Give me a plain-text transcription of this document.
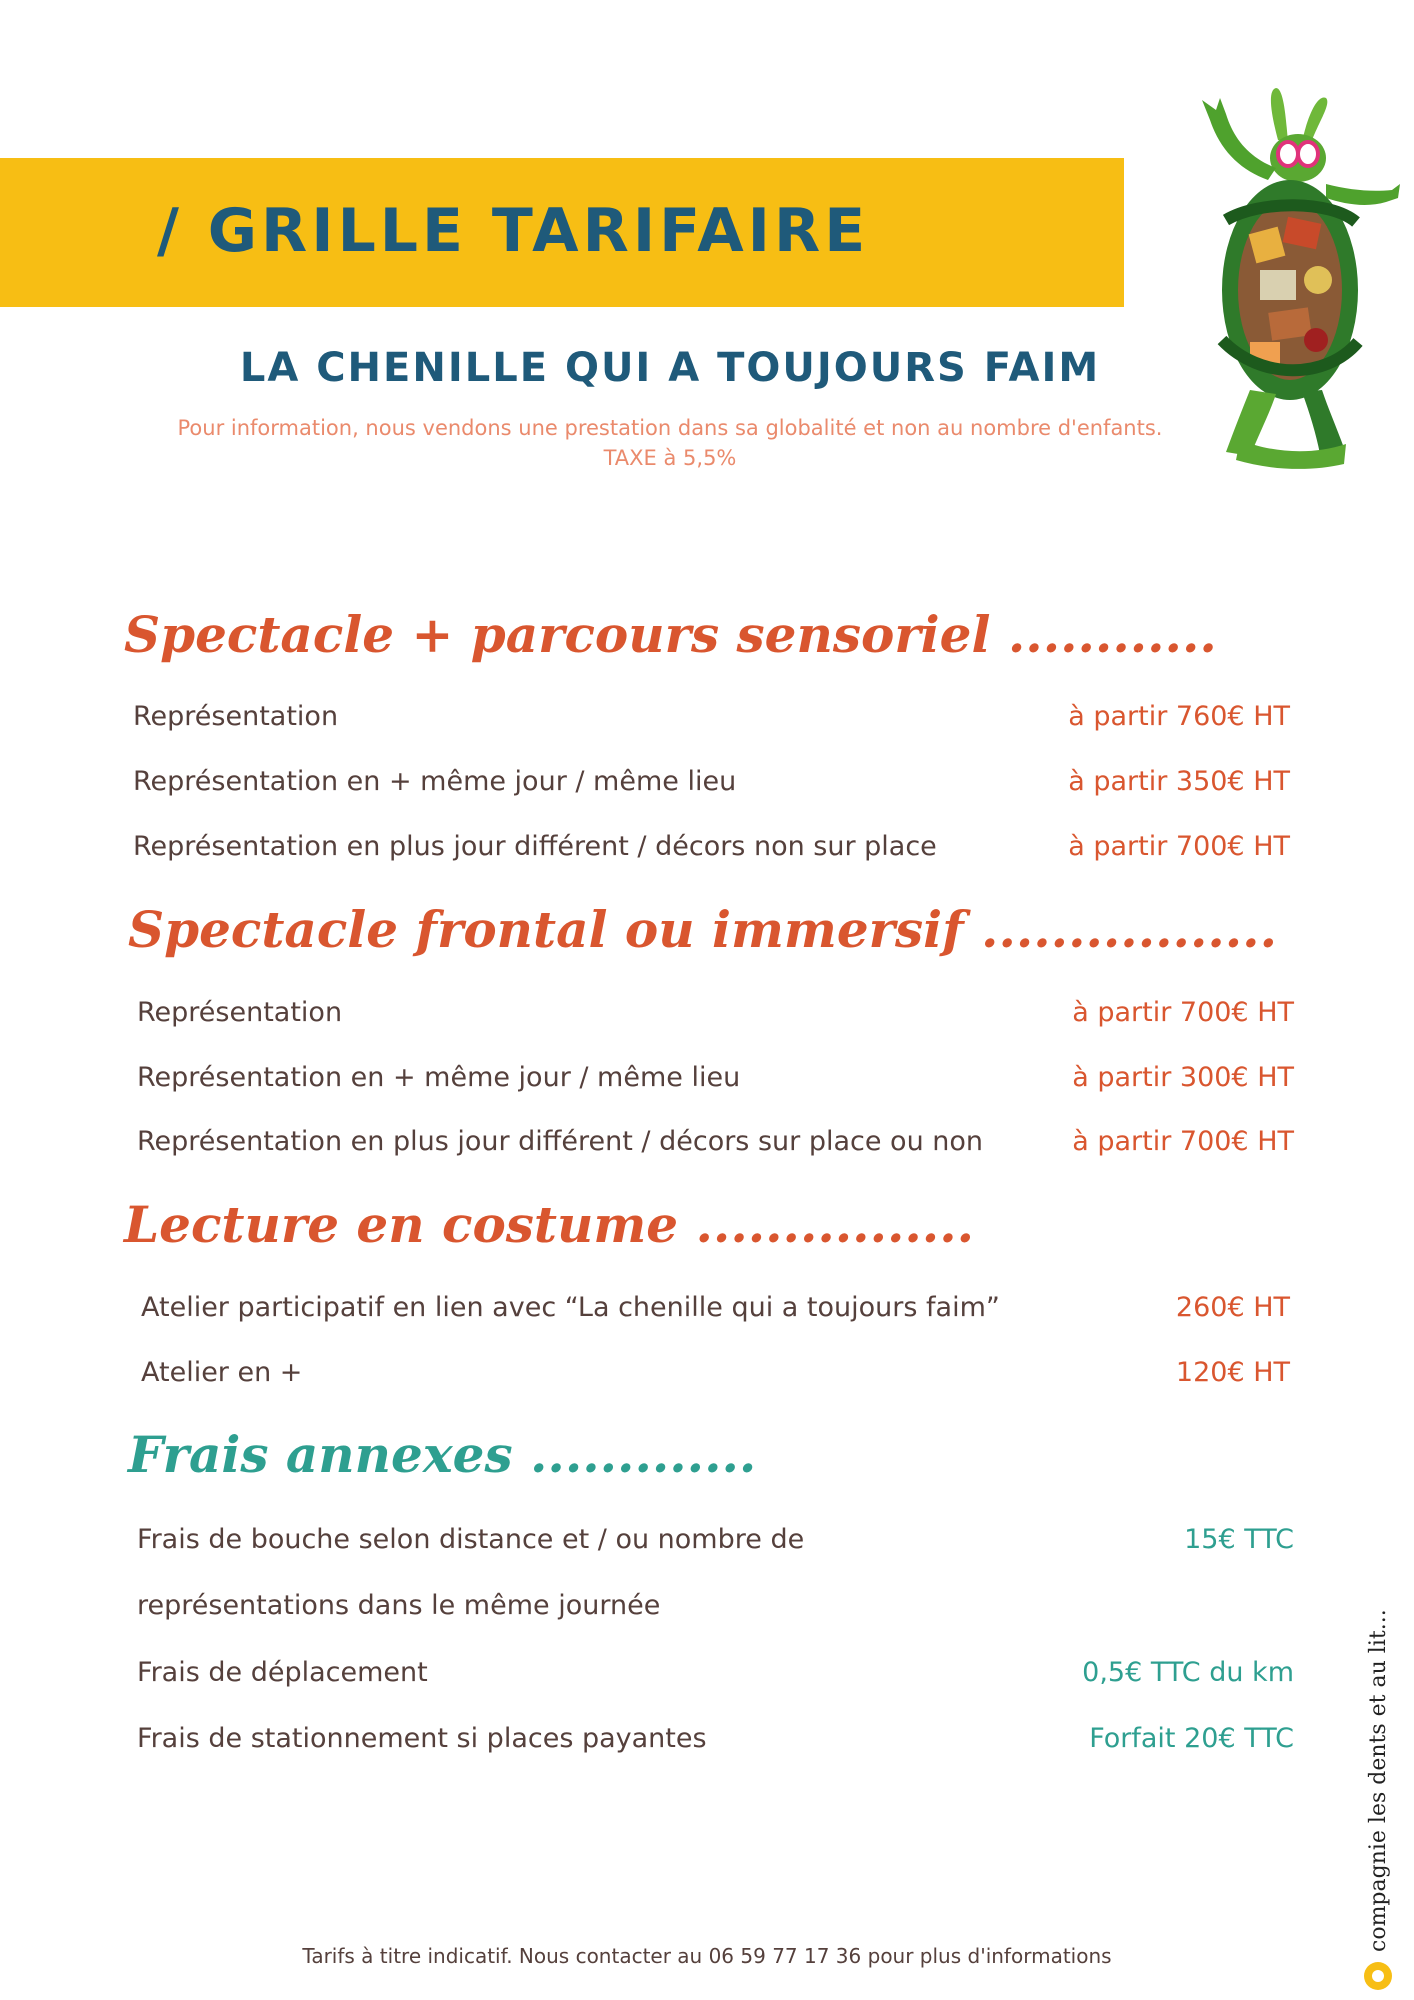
/ GRILLE TARIFAIRE
LA CHENILLE QUI A TOUJOURS FAIM
Pour information, nous vendons une prestation dans sa globalité et non au nombre d'enfants.
TAXE à 5,5%
Spectacle + parcours sensoriel ............
Représentation	à partir 760€ HT
Représentation en + même jour / même lieu	à partir 350€ HT
Représentation en plus jour différent / décors non sur place	à partir 700€ HT
Spectacle frontal ou immersif .................
Représentation	à partir 700€ HT
Représentation en + même jour / même lieu	à partir 300€ HT
Représentation en plus jour différent / décors sur place ou non	à partir 700€ HT
Lecture en costume ................
Atelier participatif en lien avec “La chenille qui a toujours faim”	260€ HT
Atelier en +	120€ HT
Frais annexes .............
Frais de bouche selon distance et / ou nombre de	15€ TTC
représentations dans le même journée
Frais de déplacement	0,5€ TTC du km
Frais de stationnement si places payantes	Forfait 20€ TTC
Tarifs à titre indicatif. Nous contacter au 06 59 77 17 36 pour plus d'informations
compagnie les dents et au lit...
